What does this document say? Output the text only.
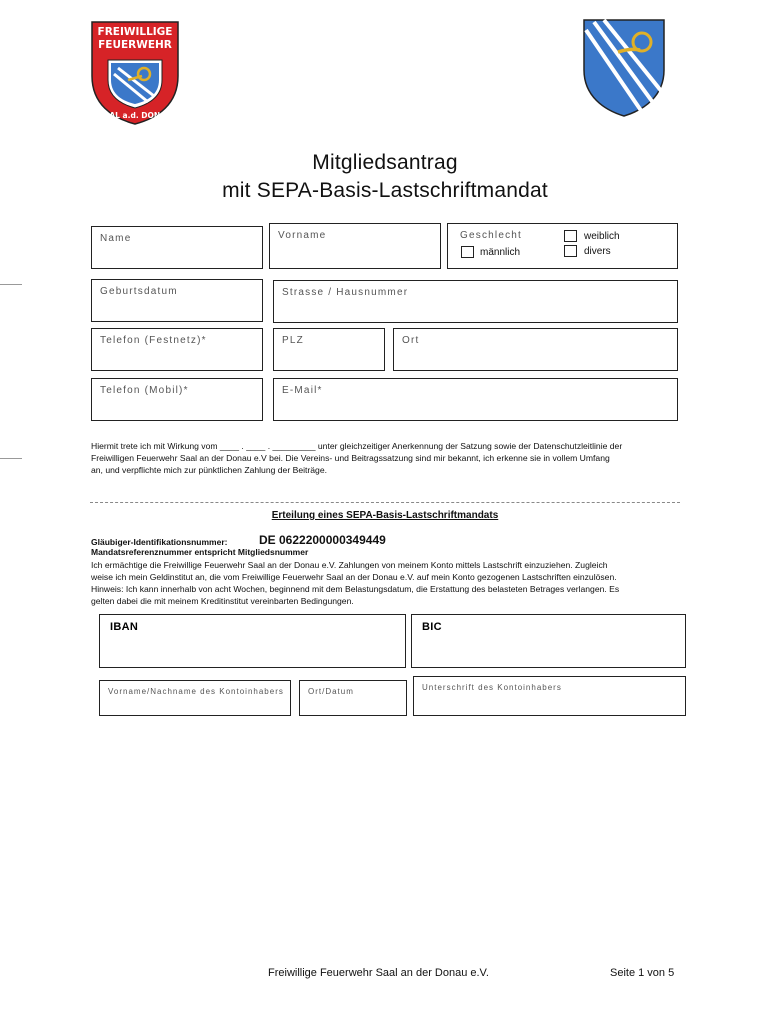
FREIWILLIGE
FEUERWEHR
SAAL a.d. DONAU
Mitgliedsantrag
mit SEPA-Basis-Lastschriftmandat
Name	Vorname	Geschlecht	weiblich
männlich	divers
Geburtsdatum	Strasse / Hausnummer
Telefon (Festnetz)*	PLZ	Ort
Telefon (Mobil)*	E-Mail*
Hiermit trete ich mit Wirkung vom ____ . ____ . _________ unter gleichzeitiger Anerkennung der Satzung sowie der Datenschutzleitlinie der
Freiwilligen Feuerwehr Saal an der Donau e.V bei. Die Vereins- und Beitragssatzung sind mir bekannt, ich erkenne sie in vollem Umfang
an, und verpflichte mich zur pünktlichen Zahlung der Beiträge.
Erteilung eines SEPA-Basis-Lastschriftmandats
Gläubiger-Identifikationsnummer:	DE 0622200000349449
Mandatsreferenznummer entspricht Mitgliedsnummer
Ich ermächtige die Freiwillige Feuerwehr Saal an der Donau e.V. Zahlungen von meinem Konto mittels Lastschrift einzuziehen. Zugleich
weise ich mein Geldinstitut an, die vom Freiwillige Feuerwehr Saal an der Donau e.V. auf mein Konto gezogenen Lastschriften einzulösen.
Hinweis: Ich kann innerhalb von acht Wochen, beginnend mit dem Belastungsdatum, die Erstattung des belasteten Betrages verlangen. Es
gelten dabei die mit meinem Kreditinstitut vereinbarten Bedingungen.
IBAN	BIC
Vorname/Nachname des Kontoinhabers	Ort/Datum	Unterschrift des Kontoinhabers
Freiwillige Feuerwehr Saal an der Donau e.V.	Seite 1 von 5
